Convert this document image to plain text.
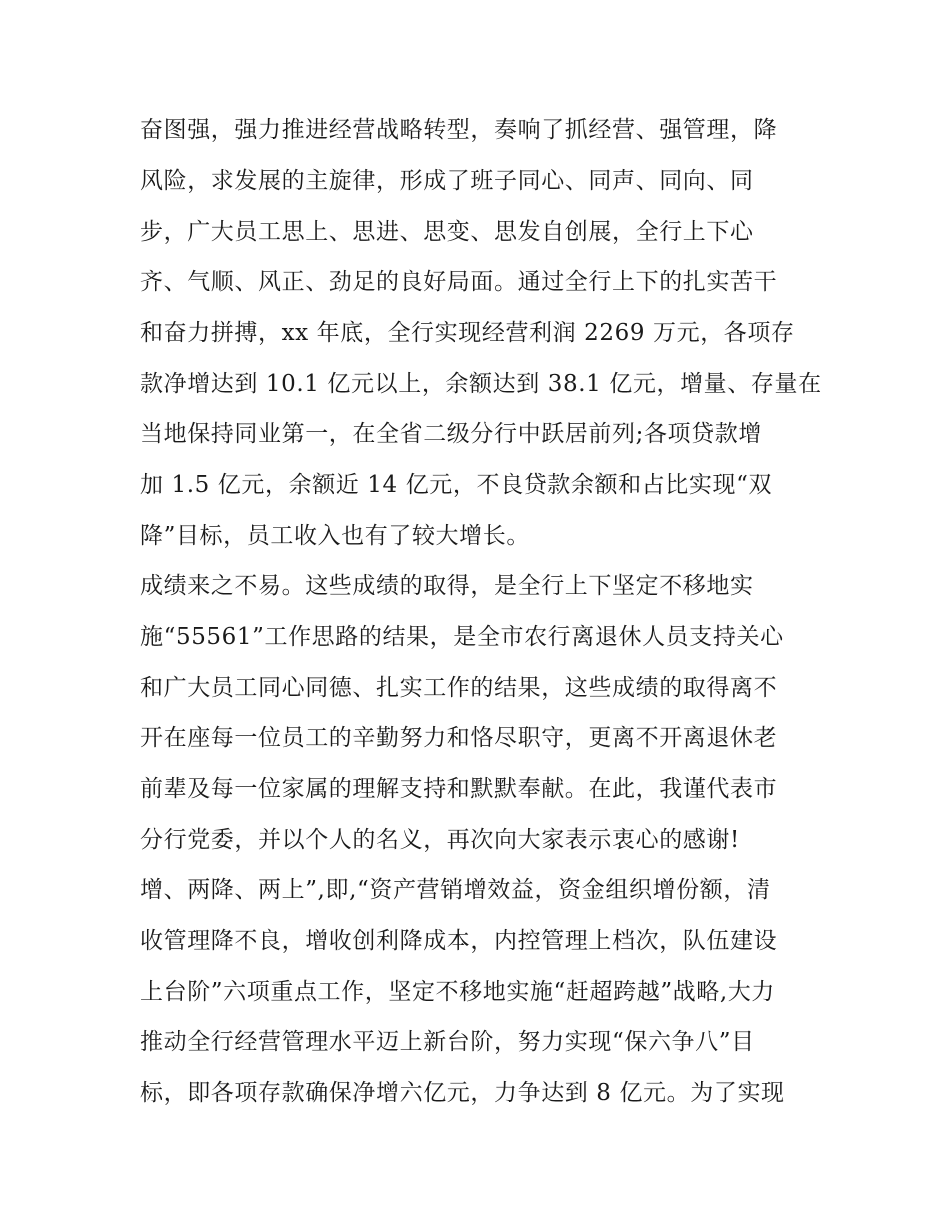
奋图强，强力推进经营战略转型，奏响了抓经营、强管理，降
风险，求发展的主旋律，形成了班子同心、同声、同向、同
步，广大员工思上、思进、思变、思发自创展，全行上下心
齐、气顺、风正、劲足的良好局面。通过全行上下的扎实苦干
和奋力拼搏，xx 年底，全行实现经营利润 2269 万元，各项存
款净增达到 10.1 亿元以上，余额达到 38.1 亿元，增量、存量在
当地保持同业第一，在全省二级分行中跃居前列;各项贷款增
加 1.5 亿元，余额近 14 亿元，不良贷款余额和占比实现“双
降”目标，员工收入也有了较大增长。
成绩来之不易。这些成绩的取得，是全行上下坚定不移地实
施“55561”工作思路的结果，是全市农行离退休人员支持关心
和广大员工同心同德、扎实工作的结果，这些成绩的取得离不
开在座每一位员工的辛勤努力和恪尽职守，更离不开离退休老
前辈及每一位家属的理解支持和默默奉献。在此，我谨代表市
分行党委，并以个人的名义，再次向大家表示衷心的感谢!
增、两降、两上”,即,“资产营销增效益，资金组织增份额，清
收管理降不良，增收创利降成本，内控管理上档次，队伍建设
上台阶”六项重点工作，坚定不移地实施“赶超跨越”战略,大力
推动全行经营管理水平迈上新台阶，努力实现“保六争八”目
标，即各项存款确保净增六亿元，力争达到 8 亿元。为了实现
